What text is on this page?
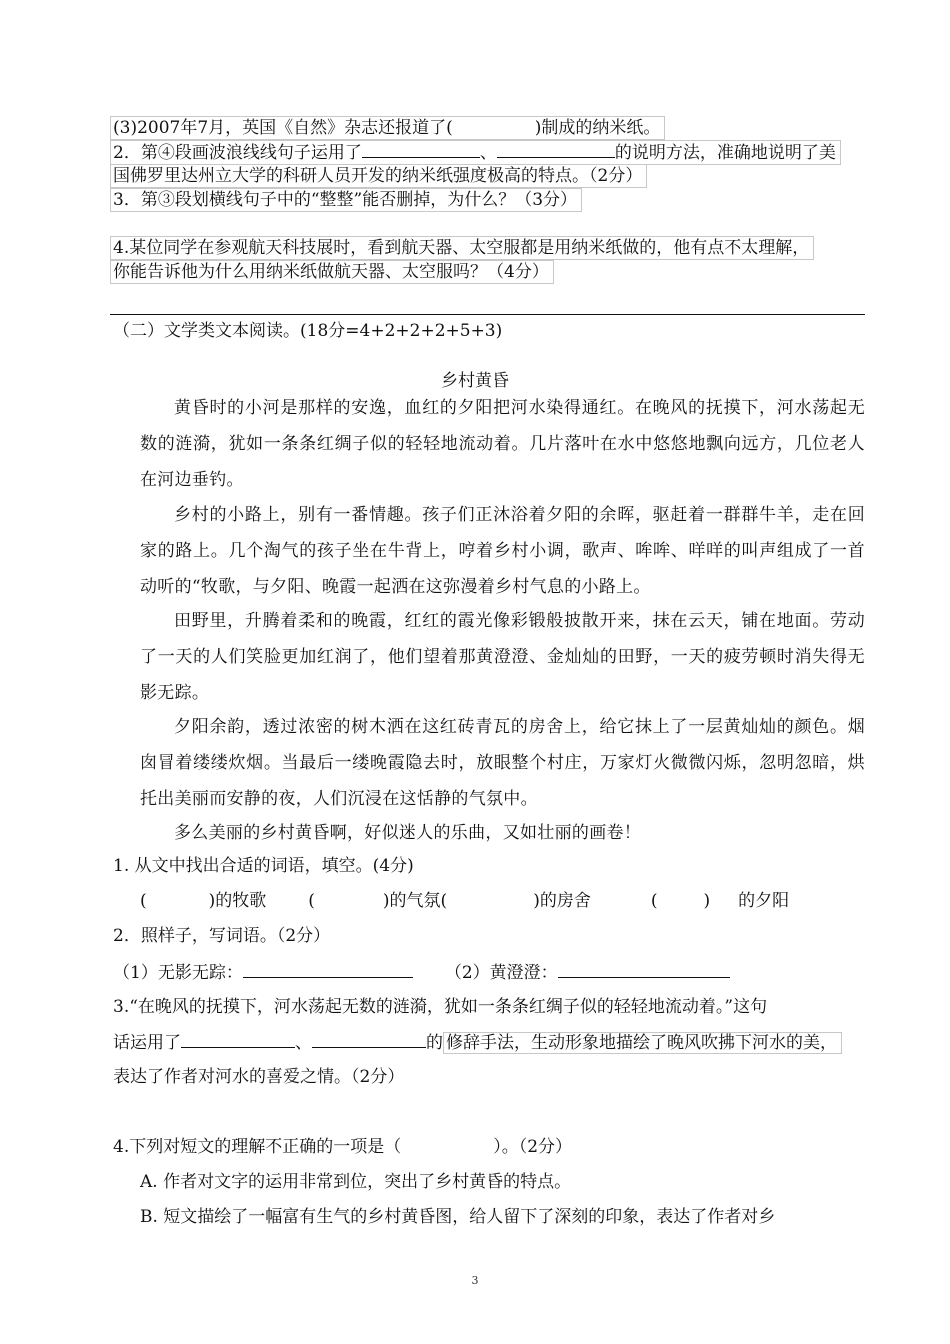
(3)2007年7月，英国《自然》杂志还报道了(	)制成的纳米纸。
2．第④段画波浪线线句子运用了	、	的说明方法，准确地说明了美
国佛罗里达州立大学的科研人员开发的纳米纸强度极高的特点。（2分）
3．第③段划横线句子中的“整整”能否删掉，为什么？（3分）
4.某位同学在参观航天科技展时，看到航天器、太空服都是用纳米纸做的，他有点不太理解，
你能告诉他为什么用纳米纸做航天器、太空服吗？（4分）
（二）文学类文本阅读。(18分=4+2+2+2+5+3)
乡村黄昏
黄昏时的小河是那样的安逸，血红的夕阳把河水染得通红。在晚风的抚摸下，河水荡起无数的涟漪，犹如一条条红绸子似的轻轻地流动着。几片落叶在水中悠悠地飘向远方，几位老人在河边垂钓。
乡村的小路上，别有一番情趣。孩子们正沐浴着夕阳的余晖，驱赶着一群群牛羊，走在回家的路上。几个淘气的孩子坐在牛背上，哼着乡村小调，歌声、哞哞、咩咩的叫声组成了一首动听的“牧歌，与夕阳、晚霞一起洒在这弥漫着乡村气息的小路上。
田野里，升腾着柔和的晚霞，红红的霞光像彩锻般披散开来，抹在云天，铺在地面。劳动了一天的人们笑脸更加红润了，他们望着那黄澄澄、金灿灿的田野，一天的疲劳顿时消失得无影无踪。
夕阳余韵，透过浓密的树木洒在这红砖青瓦的房舍上，给它抹上了一层黄灿灿的颜色。烟囱冒着缕缕炊烟。当最后一缕晚霞隐去时，放眼整个村庄，万家灯火微微闪烁，忽明忽暗，烘托出美丽而安静的夜，人们沉浸在这恬静的气氛中。
多么美丽的乡村黄昏啊，好似迷人的乐曲，又如壮丽的画卷！
1. 从文中找出合适的词语，填空。(4分)
(	)的牧歌 (	)的气氛(	)的房舍	(	) 的夕阳
2．照样子，写词语。（2分）
（1）无影无踪：	（2）黄澄澄：
3.“在晚风的抚摸下，河水荡起无数的涟漪，犹如一条条红绸子似的轻轻地流动着。”这句
话运用了	、	的 修辞手法，生动形象地描绘了晚风吹拂下河水的美，
表达了作者对河水的喜爱之情。（2分）
4.下列对短文的理解不正确的一项是（	）。（2分）
A. 作者对文字的运用非常到位，突出了乡村黄昏的特点。
B. 短文描绘了一幅富有生气的乡村黄昏图，给人留下了深刻的印象，表达了作者对乡
3
